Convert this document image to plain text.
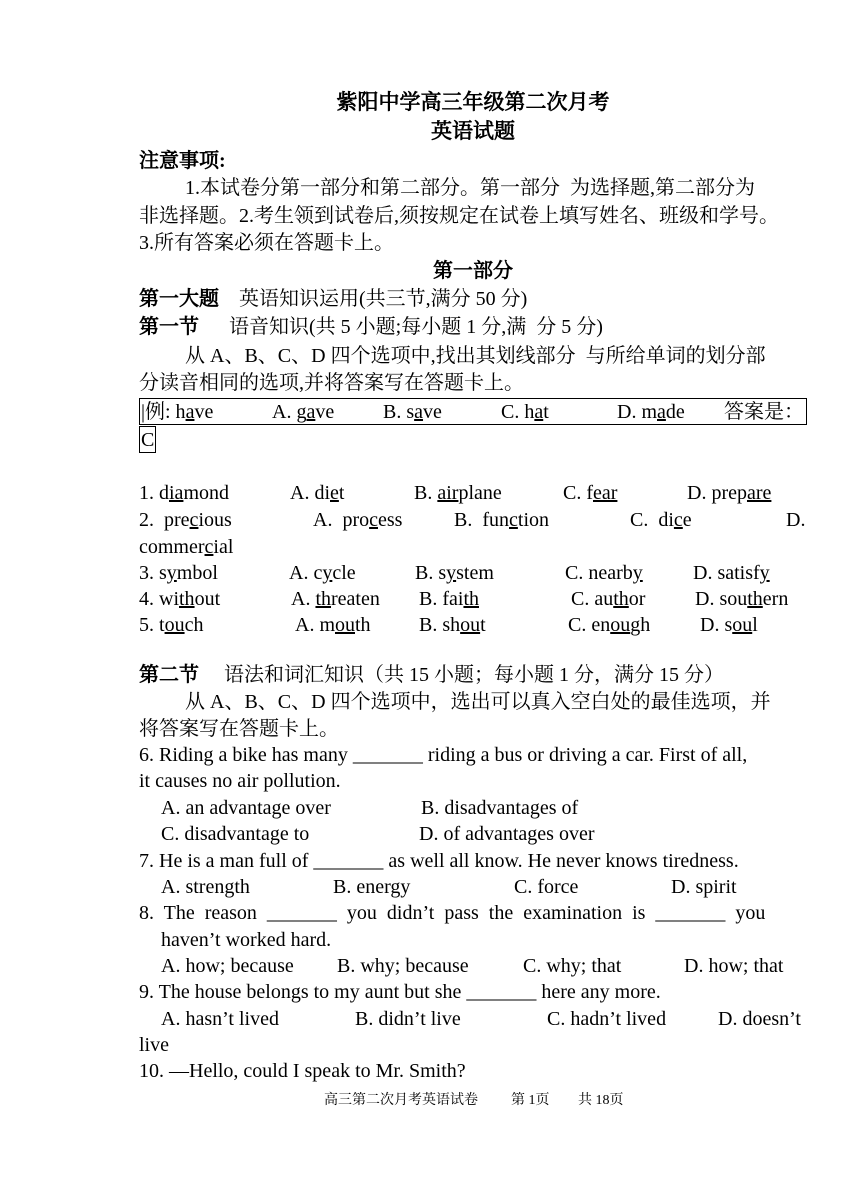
紫阳中学高三年级第二次月考
英语试题
注意事项:
1.本试卷分第一部分和第二部分。第一部分  为选择题,第二部分为
非选择题。2.考生领到试卷后,须按规定在试卷上填写姓名、班级和学号。
3.所有答案必须在答题卡上。
第一部分
第一大题 英语知识运用(共三节,满分 50 分)
第一节 语音知识(共 5 小题;每小题 1 分,满  分 5 分)
从 A、B、C、D 四个选项中,找出其划线部分  与所给单词的划分部
分读音相同的选项,并将答案写在答题卡上。
|例: have	A. gave B. save	C. hat	D. made 答案是：
C
1. diamond	A. diet	B. airplane	C. fear	D. prepare
2.  precious	A.  process	B.  function	C.  dice	D.
commercial
3. symbol	A. cycle	B. system	C. nearby	D. satisfy
4. without	A. threaten B. faith	C. author D. southern
5. touch	A. mouth B. shout	C. enough D. soul
第二节 语法和词汇知识（共 15 小题；每小题 1 分，满分 15 分）
从 A、B、C、D 四个选项中，选出可以真入空白处的最佳选项，并
将答案写在答题卡上。
6. Riding a bike has many _______ riding a bus or driving a car. First of all,
it causes no air pollution.
A. an advantage over	B. disadvantages of
C. disadvantage to	D. of advantages over
7. He is a man full of _______ as well all know. He never knows tiredness.
A. strength	B. energy	C. force	D. spirit
8.  The  reason  _______  you  didn’t  pass  the  examination  is  _______  you
haven’t worked hard.
A. how; because B. why; because	C. why; that	D. how; that
9. The house belongs to my aunt but she _______ here any more.
A. hasn’t lived	B. didn’t live	C. hadn’t lived	D. doesn’t
live
10. —Hello, could I speak to Mr. Smith?
高三第二次月考英语试卷 第 1页 共 18页
